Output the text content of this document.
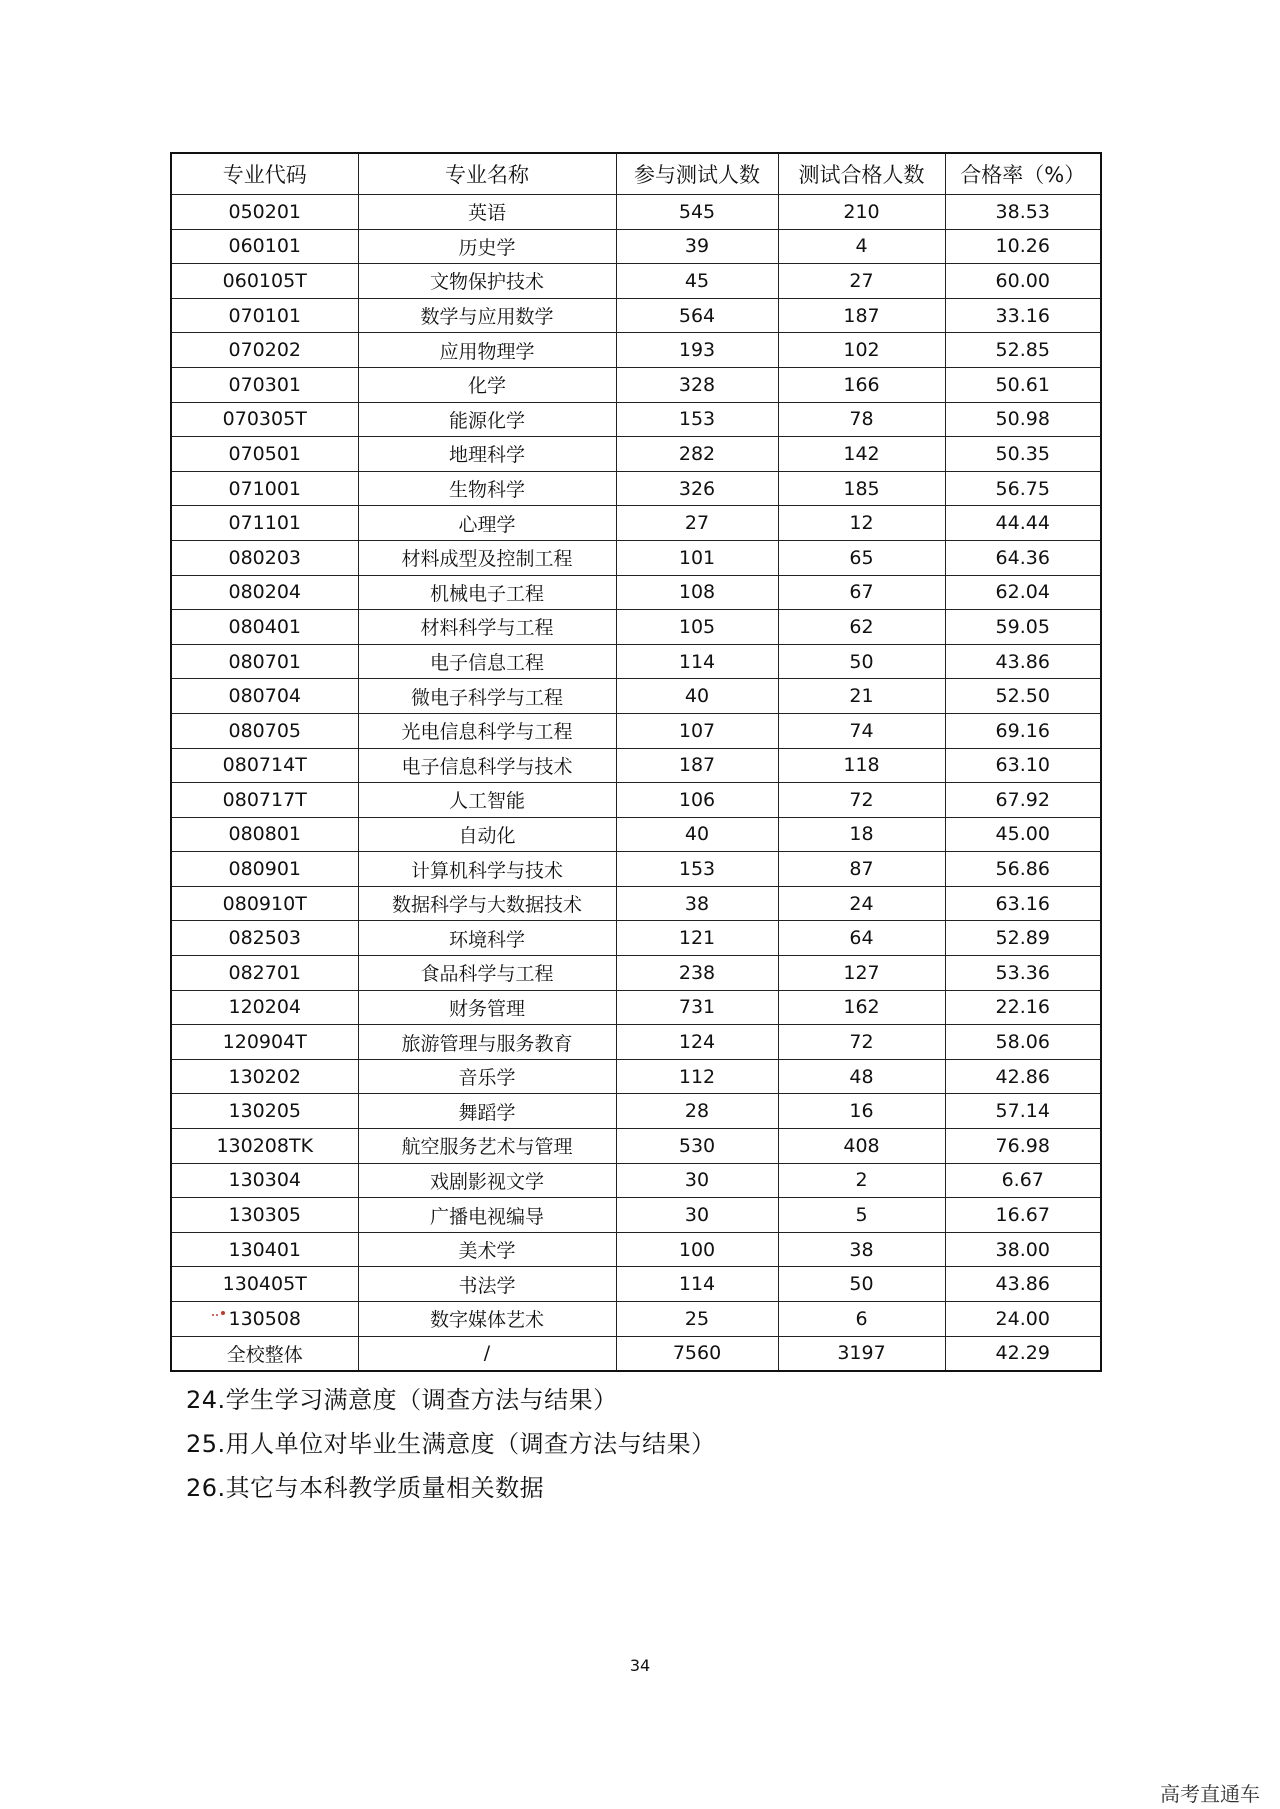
专业代码	专业名称	参与测试人数	测试合格人数	合格率（%）
050201	英语	545	210	38.53
060101	历史学	39	4	10.26
060105T	文物保护技术	45	27	60.00
070101	数学与应用数学	564	187	33.16
070202	应用物理学	193	102	52.85
070301	化学	328	166	50.61
070305T	能源化学	153	78	50.98
070501	地理科学	282	142	50.35
071001	生物科学	326	185	56.75
071101	心理学	27	12	44.44
080203	材料成型及控制工程	101	65	64.36
080204	机械电子工程	108	67	62.04
080401	材料科学与工程	105	62	59.05
080701	电子信息工程	114	50	43.86
080704	微电子科学与工程	40	21	52.50
080705	光电信息科学与工程	107	74	69.16
080714T	电子信息科学与技术	187	118	63.10
080717T	人工智能	106	72	67.92
080801	自动化	40	18	45.00
080901	计算机科学与技术	153	87	56.86
080910T	数据科学与大数据技术	38	24	63.16
082503	环境科学	121	64	52.89
082701	食品科学与工程	238	127	53.36
120204	财务管理	731	162	22.16
120904T	旅游管理与服务教育	124	72	58.06
130202	音乐学	112	48	42.86
130205	舞蹈学	28	16	57.14
130208TK	航空服务艺术与管理	530	408	76.98
130304	戏剧影视文学	30	2	6.67
130305	广播电视编导	30	5	16.67
130401	美术学	100	38	38.00
130405T	书法学	114	50	43.86
130508	数字媒体艺术	25	6	24.00
全校整体	/	7560	3197	42.29
24.学生学习满意度（调查方法与结果）
25.用人单位对毕业生满意度（调查方法与结果）
26.其它与本科教学质量相关数据
34
高考直通车
